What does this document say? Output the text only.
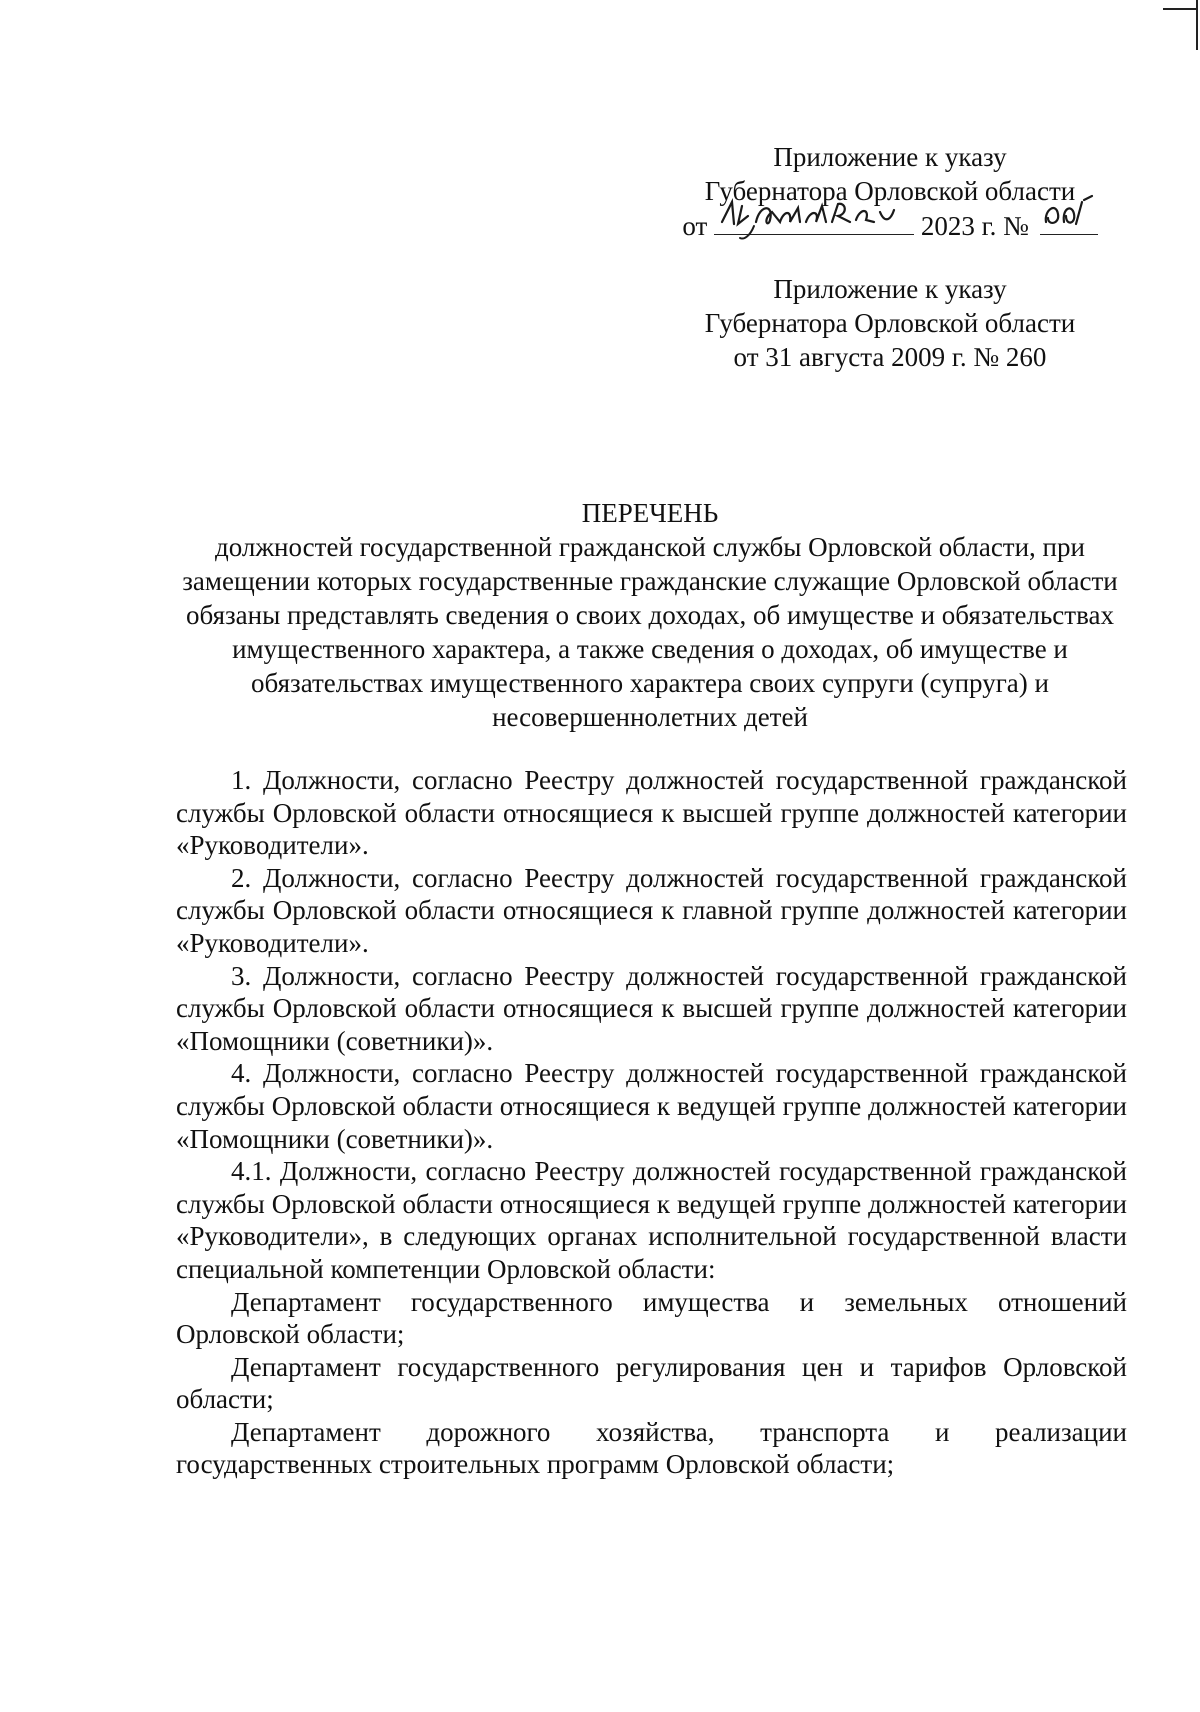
Приложение к указу
Губернатора Орловской области
от	2023 г. №
Приложение к указу
Губернатора Орловской области
от 31 августа 2009 г. № 260
ПЕРЕЧЕНЬ
должностей государственной гражданской службы Орловской области, при замещении которых государственные гражданские служащие Орловской области обязаны представлять сведения о своих доходах, об имуществе и обязательствах имущественного характера, а также сведения о доходах, об имуществе и обязательствах имущественного характера своих супруги (супруга) и несовершеннолетних детей

1. Должности, согласно Реестру должностей государственной гражданской службы Орловской области относящиеся к высшей группе должностей категории «Руководители».

2. Должности, согласно Реестру должностей государственной гражданской службы Орловской области относящиеся к главной группе должностей категории «Руководители».

3. Должности, согласно Реестру должностей государственной гражданской службы Орловской области относящиеся к высшей группе должностей категории «Помощники (советники)».

4. Должности, согласно Реестру должностей государственной гражданской службы Орловской области относящиеся к ведущей группе должностей категории «Помощники (советники)».

4.1. Должности, согласно Реестру должностей государственной гражданской службы Орловской области относящиеся к ведущей группе должностей категории «Руководители», в следующих органах исполнительной государственной власти специальной компетенции Орловской области:

Департамент государственного имущества и земельных отношений Орловской области;

Департамент государственного регулирования цен и тарифов Орловской области;

Департамент дорожного хозяйства, транспорта и реализации государственных строительных программ Орловской области;
